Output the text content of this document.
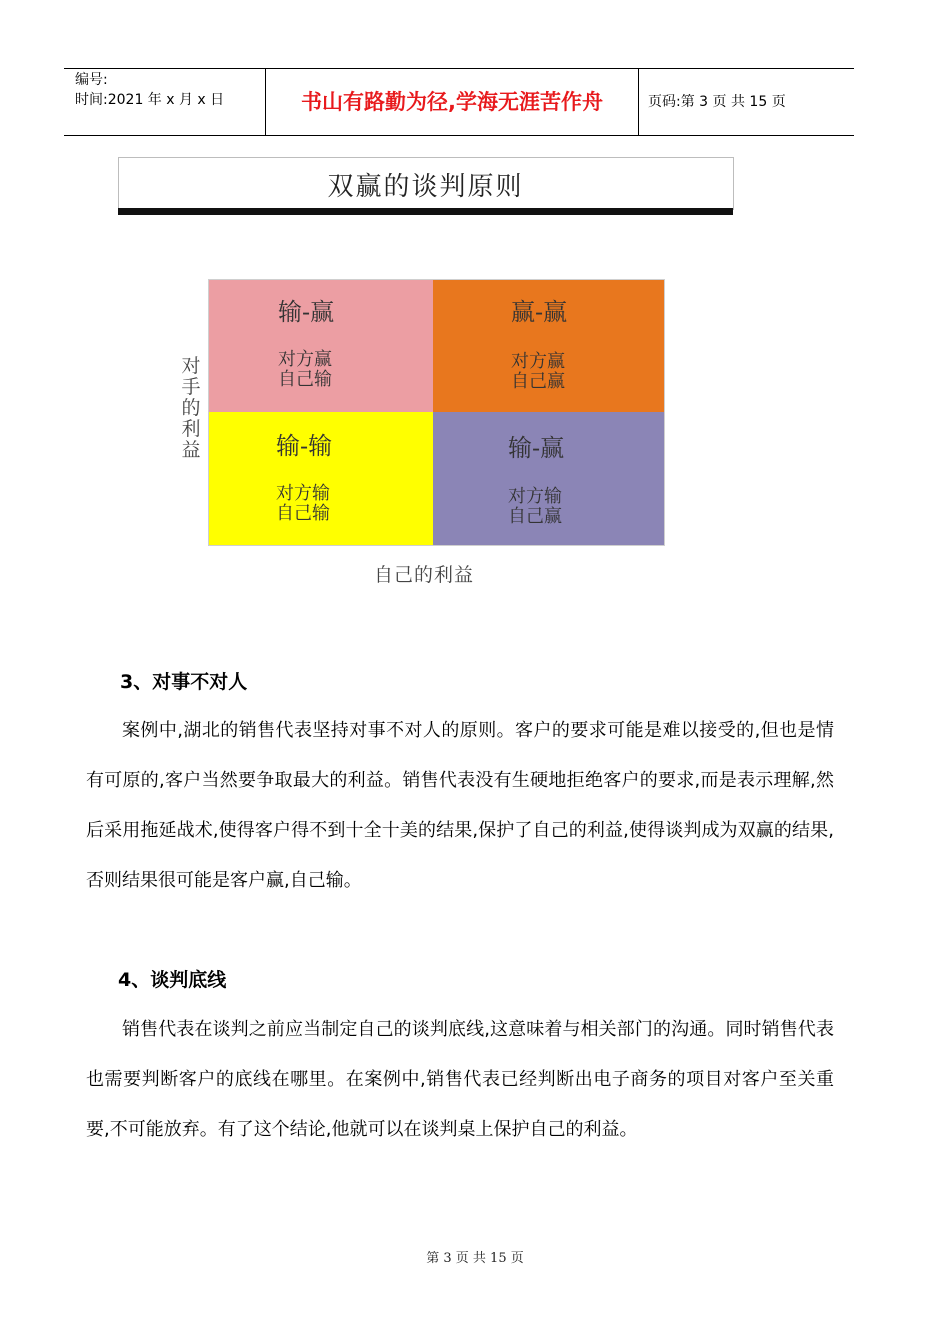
编号:
时间:2021 年 x 月 x 日	书山有路勤为径,学海无涯苦作舟	页码:第 3 页 共 15 页
双赢的谈判原则
对手的利益
输-赢
对方赢
自己输
赢-赢
对方赢
自己赢
输-输
对方输
自己输
输-赢
对方输
自己赢
自己的利益
3、对事不对人
案例中,湖北的销售代表坚持对事不对人的原则。客户的要求可能是难以接受的,但也是情有可原的,客户当然要争取最大的利益。销售代表没有生硬地拒绝客户的要求,而是表示理解,然后采用拖延战术,使得客户得不到十全十美的结果,保护了自己的利益,使得谈判成为双赢的结果,否则结果很可能是客户赢,自己输。
4、谈判底线
销售代表在谈判之前应当制定自己的谈判底线,这意味着与相关部门的沟通。同时销售代表也需要判断客户的底线在哪里。在案例中,销售代表已经判断出电子商务的项目对客户至关重要,不可能放弃。有了这个结论,他就可以在谈判桌上保护自己的利益。
第 3 页 共 15 页
